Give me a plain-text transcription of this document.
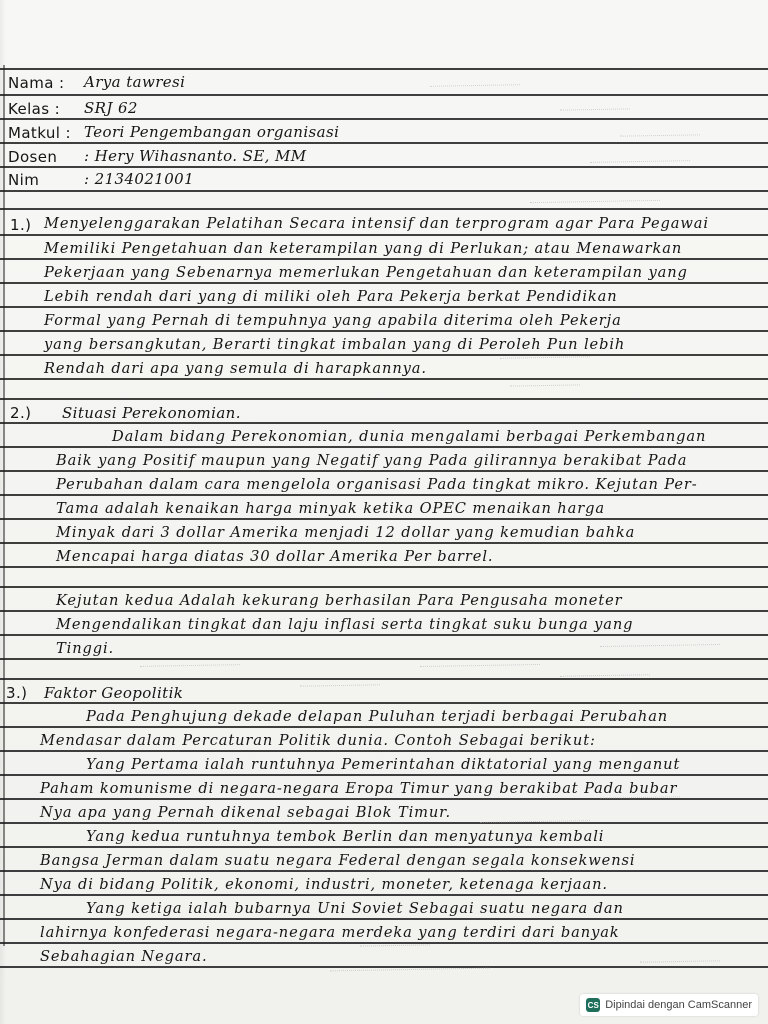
Nama : Arya tawresi
Kelas : SRJ 62
Matkul : Teori Pengembangan organisasi
Dosen : Hery Wihasnanto. SE, MM
Nim	: 2134021001
1.) Menyelenggarakan Pelatihan Secara intensif dan terprogram agar Para Pegawai
Memiliki Pengetahuan dan keterampilan yang di Perlukan; atau Menawarkan
Pekerjaan yang Sebenarnya memerlukan Pengetahuan dan keterampilan yang
Lebih rendah dari yang di miliki oleh Para Pekerja berkat Pendidikan
Formal yang Pernah di tempuhnya yang apabila diterima oleh Pekerja
yang bersangkutan, Berarti tingkat imbalan yang di Peroleh Pun lebih
Rendah dari apa yang semula di harapkannya.
2.) Situasi Perekonomian.
Dalam bidang Perekonomian, dunia mengalami berbagai Perkembangan
Baik yang Positif maupun yang Negatif yang Pada gilirannya berakibat Pada
Perubahan dalam cara mengelola organisasi Pada tingkat mikro. Kejutan Per-
Tama adalah kenaikan harga minyak ketika OPEC menaikan harga
Minyak dari 3 dollar Amerika menjadi 12 dollar yang kemudian bahka
Mencapai harga diatas 30 dollar Amerika Per barrel.
Kejutan kedua Adalah kekurang berhasilan Para Pengusaha moneter
Mengendalikan tingkat dan laju inflasi serta tingkat suku bunga yang
Tinggi.
3.) Faktor Geopolitik
Pada Penghujung dekade delapan Puluhan terjadi berbagai Perubahan
Mendasar dalam Percaturan Politik dunia. Contoh Sebagai berikut:
Yang Pertama ialah runtuhnya Pemerintahan diktatorial yang menganut
Paham komunisme di negara-negara Eropa Timur yang berakibat Pada bubar
Nya apa yang Pernah dikenal sebagai Blok Timur.
Yang kedua runtuhnya tembok Berlin dan menyatunya kembali
Bangsa Jerman dalam suatu negara Federal dengan segala konsekwensi
Nya di bidang Politik, ekonomi, industri, moneter, ketenaga kerjaan.
Yang ketiga ialah bubarnya Uni Soviet Sebagai suatu negara dan
lahirnya konfederasi negara-negara merdeka yang terdiri dari banyak
Sebahagian Negara.
CS Dipindai dengan CamScanner
